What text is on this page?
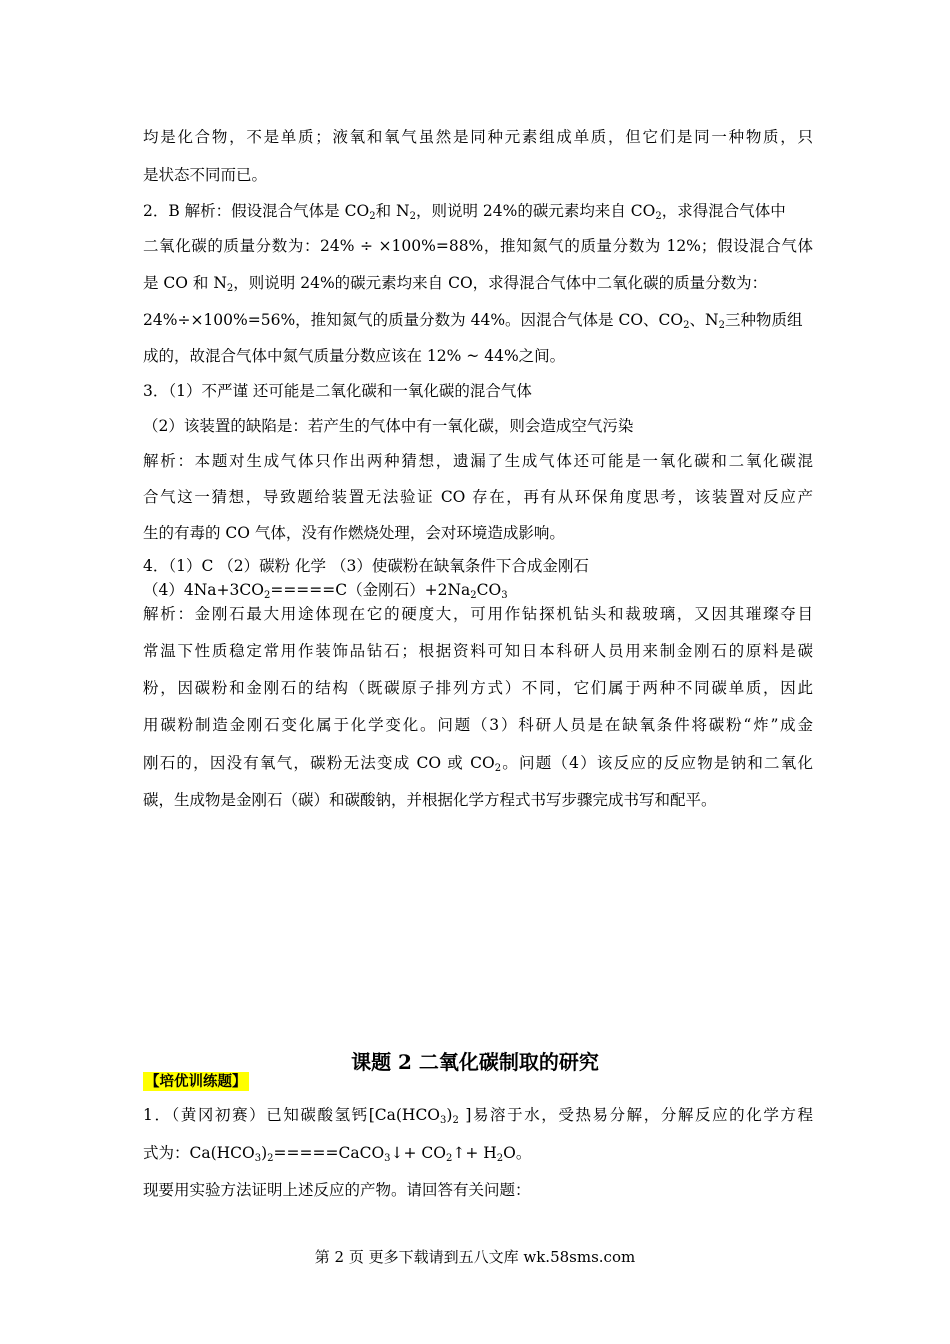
均是化合物，不是单质；液氧和氧气虽然是同种元素组成单质，但它们是同一种物质，只
是状态不同而已。
2．B 解析：假设混合气体是 $CO_2$和 $N_2$，则说明 24%的碳元素均来自 $CO_2$，求得混合气体中
二氧化碳的质量分数为：24% ÷ ×100%=88%，推知氮气的质量分数为 12%；假设混合气体
是 CO 和 $N_2$，则说明 24%的碳元素均来自 CO，求得混合气体中二氧化碳的质量分数为：
24%÷×100%=56%，推知氮气的质量分数为 44%。因混合气体是 CO、$CO_2$、$N_2$三种物质组
成的，故混合气体中氮气质量分数应该在 12% ~ 44%之间。
3．（1）不严谨 还可能是二氧化碳和一氧化碳的混合气体
（2）该装置的缺陷是：若产生的气体中有一氧化碳，则会造成空气污染
解析：本题对生成气体只作出两种猜想，遗漏了生成气体还可能是一氧化碳和二氧化碳混
合气这一猜想，导致题给装置无法验证 CO 存在，再有从环保角度思考，该装置对反应产
生的有毒的 CO 气体，没有作燃烧处理，会对环境造成影响。
4．（1）C （2）碳粉 化学 （3）使碳粉在缺氧条件下合成金刚石
$(4)4Na+3CO_2=====C$（金刚石）$+2Na_2CO_3$
解析：金刚石最大用途体现在它的硬度大，可用作钻探机钻头和裁玻璃，又因其璀璨夺目
常温下性质稳定常用作装饰品钻石；根据资料可知日本科研人员用来制金刚石的原料是碳
粉，因碳粉和金刚石的结构（既碳原子排列方式）不同，它们属于两种不同碳单质，因此
用碳粉制造金刚石变化属于化学变化。问题（3）科研人员是在缺氧条件将碳粉“炸”成金
刚石的，因没有氧气，碳粉无法变成 CO 或 $CO_2$。问题（4）该反应的反应物是钠和二氧化
碳，生成物是金刚石（碳）和碳酸钠，并根据化学方程式书写步骤完成书写和配平。
课题 2 二氧化碳制取的研究
【培优训练题】
1．（黄冈初赛）已知碳酸氢钙[$Ca(HCO_3)_2$ ]易溶于水，受热易分解，分解反应的化学方程
式为：$Ca(HCO_3)_2=====CaCO_3↓+$ $CO_2↑+ H_2O$。
现要用实验方法证明上述反应的产物。请回答有关问题：
第 2 页 更多下载请到五八文库 wk.58sms.com
